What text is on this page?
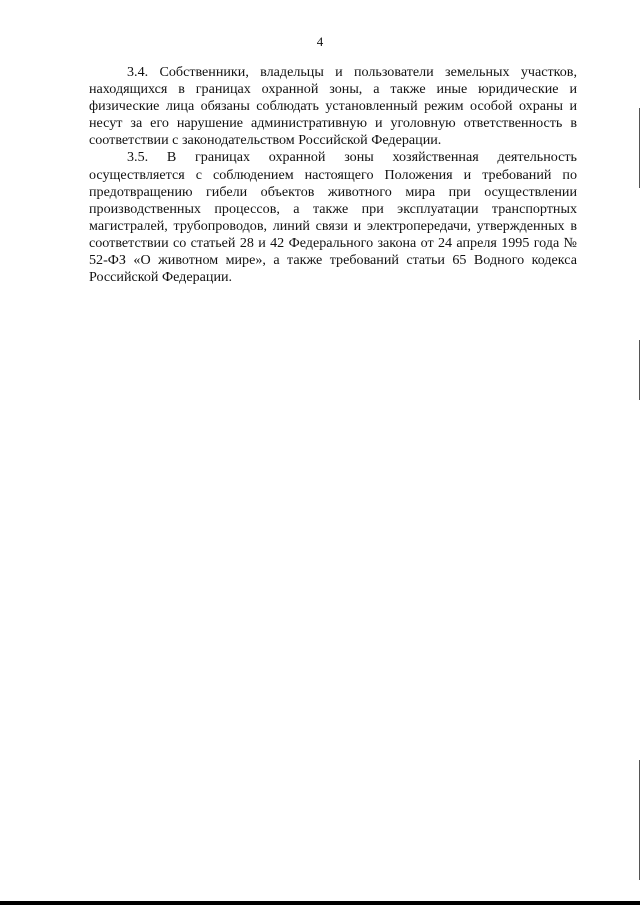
4

3.4. Собственники, владельцы и пользователи земельных участков, находящихся в границах охранной зоны, а также иные юридические и физические лица обязаны соблюдать установленный режим особой охраны и несут за его нарушение административную и уголовную ответственность в соответствии с законодательством Российской Федерации.

3.5. В границах охранной зоны хозяйственная деятельность осуществляется с соблюдением настоящего Положения и требований по предотвращению гибели объектов животного мира при осуществлении производственных процессов, а также при эксплуатации транспортных магистралей, трубопроводов, линий связи и электропередачи, утвержденных в соответствии со статьей 28 и 42 Федерального закона от 24 апреля 1995 года № 52-ФЗ «О животном мире», а также требований статьи 65 Водного кодекса Российской Федерации.
